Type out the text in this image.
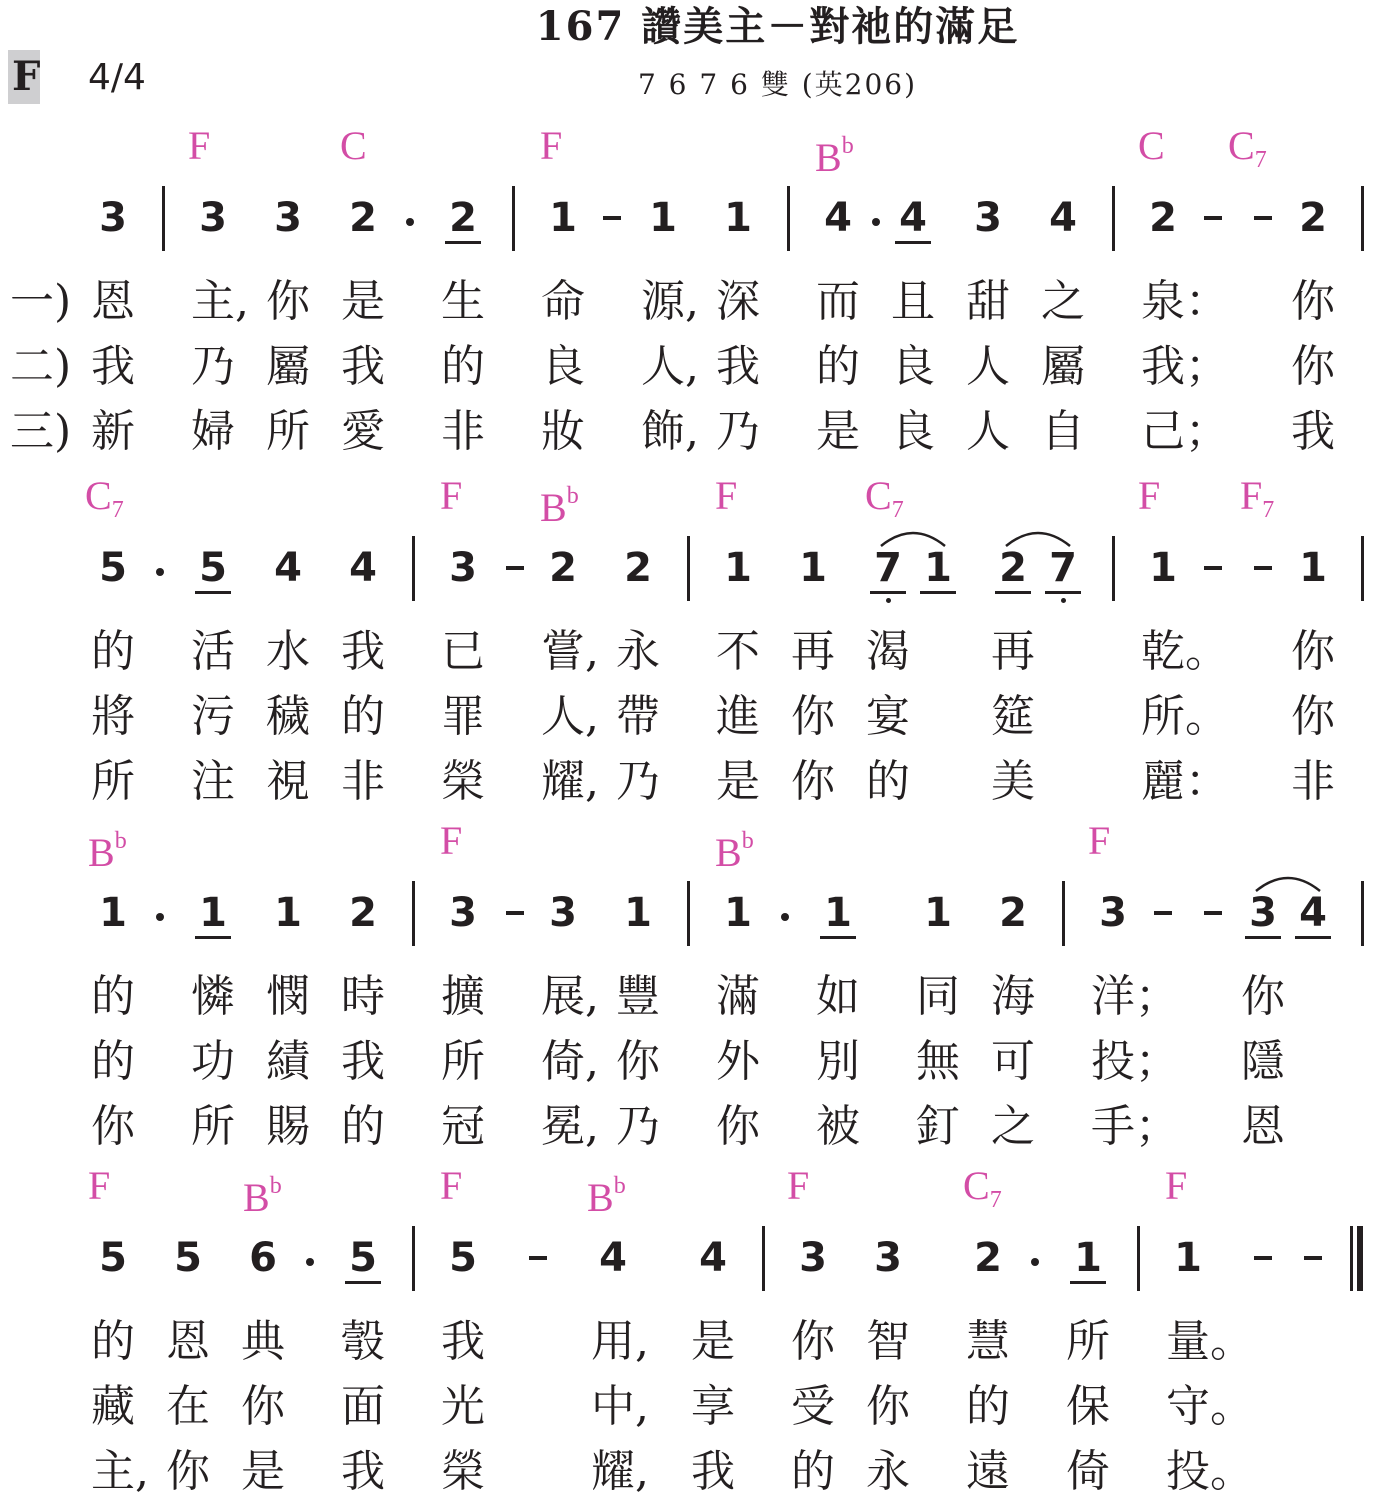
F 4/4
167 讚美主－對祂的滿足
7 6 7 6 雙 (英206)
F	C	F	$B^b$	C $C_7$
3 3 3 2 2 1 1 1 4 4 3 4 2	2
一) 恩 主, 你 是 生 命 源, 深 而 且 甜 之 泉： 你
二) 我 乃 屬 我 的 良 人, 我 的 良 人 屬 我； 你
三) 新 婦 所 愛 非 妝 飾, 乃 是 良 人 自 己； 我
$C_7$	F $B^b$	F	$C_7$	F $F_7$
5 5 4 4 3 2 2 1 1 7 1 2 7 1	1
的 活 水 我 已 嘗, 永 不 再 渴 再 乾。 你
將 污 穢 的 罪 人, 帶 進 你 宴 筵 所。 你
所 注 視 非 榮 耀, 乃 是 你 的 美 麗： 非
$B^b$	F	$B^b$	F
1 1 1 2 3 3 1 1 1 1 2 3	3 4
的 憐 憫 時 擴 展, 豐 滿 如 同 海 洋； 你
的 功 績 我 所 倚, 你 外 別 無 可 投； 隱
你 所 賜 的 冠 冕, 乃 你 被 釘 之 手； 恩
F	$B^b$	F	$B^b$	F	$C_7$	F
5 5 6 5 5	4 4 3 3 2 1 1
的 恩 典 彀 我 用, 是 你 智 慧 所 量。
藏 在 你 面 光 中, 享 受 你 的 保 守。
主, 你 是 我 榮 耀, 我 的 永 遠 倚 投。
